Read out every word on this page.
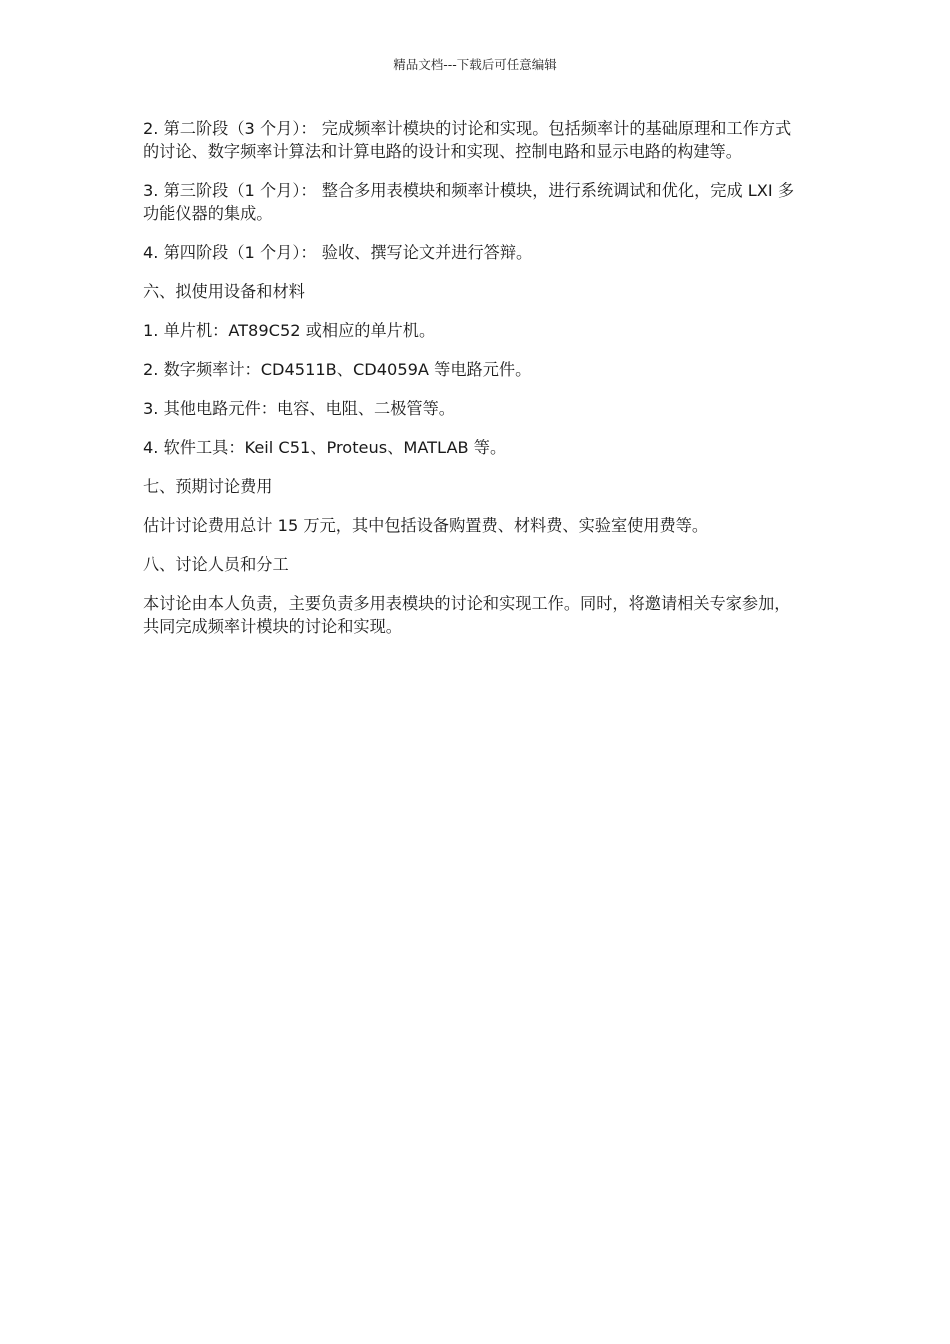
精品文档---下载后可任意编辑

2. 第二阶段（3 个月）： 完成频率计模块的讨论和实现。包括频率计的基础原理和工作方式的讨论、数字频率计算法和计算电路的设计和实现、控制电路和显示电路的构建等。

3. 第三阶段（1 个月）： 整合多用表模块和频率计模块，进行系统调试和优化，完成 LXI 多功能仪器的集成。

4. 第四阶段（1 个月）： 验收、撰写论文并进行答辩。

六、拟使用设备和材料

1. 单片机：AT89C52 或相应的单片机。

2. 数字频率计：CD4511B、CD4059A 等电路元件。

3. 其他电路元件：电容、电阻、二极管等。

4. 软件工具：Keil C51、Proteus、MATLAB 等。

七、预期讨论费用

估计讨论费用总计 15 万元，其中包括设备购置费、材料费、实验室使用费等。

八、讨论人员和分工

本讨论由本人负责，主要负责多用表模块的讨论和实现工作。同时，将邀请相关专家参加，共同完成频率计模块的讨论和实现。
